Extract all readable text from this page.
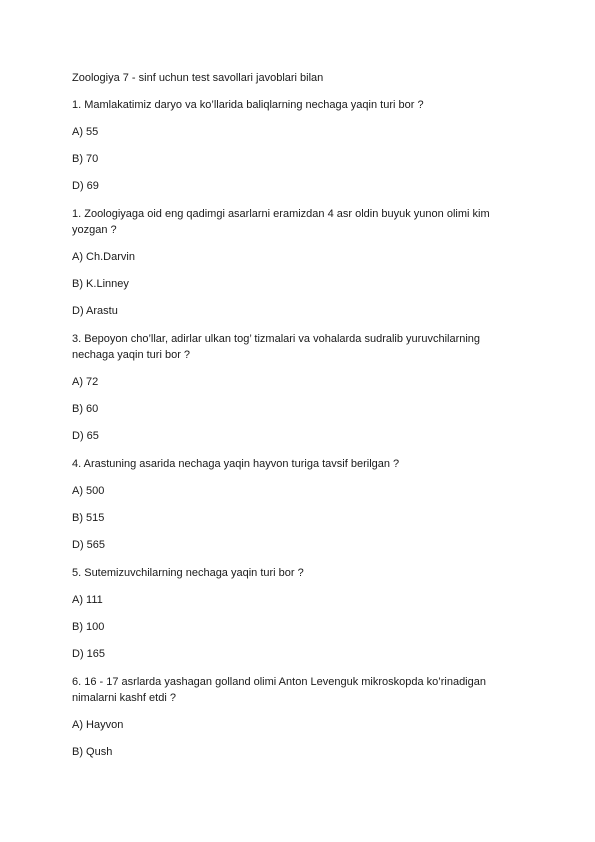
Zoologiya 7 - sinf uchun test savollari javoblari bilan

1. Mamlakatimiz daryo va ko’llarida baliqlarning nechaga yaqin turi bor ?

A) 55

B) 70

D) 69

1. Zoologiyaga oid eng qadimgi asarlarni eramizdan 4 asr oldin buyuk yunon olimi kim yozgan ?

A) Ch.Darvin

B) K.Linney

D) Arastu

3. Bepoyon cho’llar, adirlar ulkan tog’ tizmalari va vohalarda sudralib yuruvchilarning nechaga yaqin turi bor ?

A) 72

B) 60

D) 65

4. Arastuning asarida nechaga yaqin hayvon turiga tavsif berilgan ?

A) 500

B) 515

D) 565

5. Sutemizuvchilarning nechaga yaqin turi bor ?

A) 111

B) 100

D) 165

6. 16 - 17 asrlarda yashagan golland olimi Anton Levenguk mikroskopda ko’rinadigan nimalarni kashf etdi ?

A) Hayvon

B) Qush
